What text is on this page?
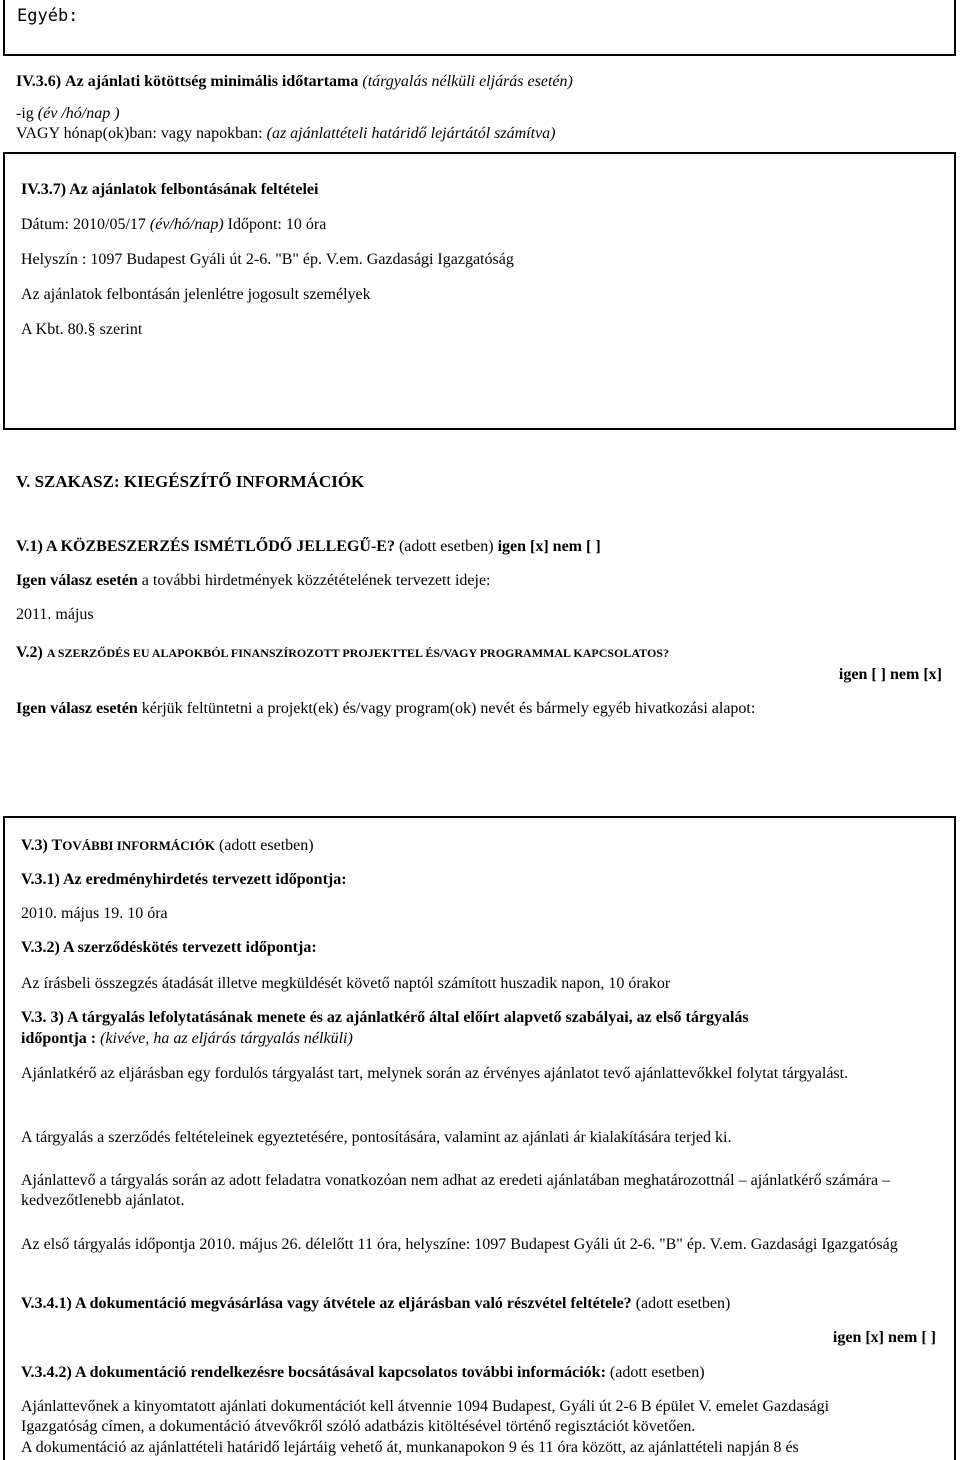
Egyéb:
IV.3.6) Az ajánlati kötöttség minimális időtartama (tárgyalás nélküli eljárás esetén)
-ig (év /hó/nap )
VAGY hónap(ok)ban: vagy napokban: (az ajánlattételi határidő lejártától számítva)
IV.3.7) Az ajánlatok felbontásának feltételei
Dátum: 2010/05/17 (év/hó/nap) Időpont: 10 óra
Helyszín : 1097 Budapest Gyáli út 2-6. "B" ép. V.em. Gazdasági Igazgatóság
Az ajánlatok felbontásán jelenlétre jogosult személyek
A Kbt. 80.§ szerint
V. SZAKASZ: KIEGÉSZÍTŐ INFORMÁCIÓK
V.1) A KÖZBESZERZÉS ISMÉTLŐDŐ JELLEGŰ-E? (adott esetben) igen [x] nem [ ]
Igen válasz esetén a további hirdetmények közzétételének tervezett ideje:
2011. május
V.2) A SZERZŐDÉS EU ALAPOKBÓL FINANSZÍROZOTT PROJEKTTEL ÉS/VAGY PROGRAMMAL KAPCSOLATOS?
igen [ ] nem [x]
Igen válasz esetén kérjük feltüntetni a projekt(ek) és/vagy program(ok) nevét és bármely egyéb hivatkozási alapot:
V.3) TOVÁBBI INFORMÁCIÓK (adott esetben)
V.3.1) Az eredményhirdetés tervezett időpontja:
2010. május 19. 10 óra
V.3.2) A szerződéskötés tervezett időpontja:
Az írásbeli összegzés átadását illetve megküldését követő naptól számított huszadik napon, 10 órakor
V.3. 3) A tárgyalás lefolytatásának menete és az ajánlatkérő által előírt alapvető szabályai, az első tárgyalás
időpontja : (kivéve, ha az eljárás tárgyalás nélküli)
Ajánlatkérő az eljárásban egy fordulós tárgyalást tart, melynek során az érvényes ajánlatot tevő ajánlattevőkkel folytat tárgyalást.
A tárgyalás a szerződés feltételeinek egyeztetésére, pontosítására, valamint az ajánlati ár kialakítására terjed ki.
Ajánlattevő a tárgyalás során az adott feladatra vonatkozóan nem adhat az eredeti ajánlatában meghatározottnál – ajánlatkérő számára – kedvezőtlenebb ajánlatot.
Az első tárgyalás időpontja 2010. május 26. délelőtt 11 óra, helyszíne: 1097 Budapest Gyáli út 2-6. "B" ép. V.em. Gazdasági Igazgatóság
V.3.4.1) A dokumentáció megvásárlása vagy átvétele az eljárásban való részvétel feltétele? (adott esetben)
igen [x] nem [ ]
V.3.4.2) A dokumentáció rendelkezésre bocsátásával kapcsolatos további információk: (adott esetben)
Ajánlattevőnek a kinyomtatott ajánlati dokumentációt kell átvennie 1094 Budapest, Gyáli út 2-6 B épület V. emelet Gazdasági Igazgatóság címen, a dokumentáció átvevőkről szóló adatbázis kitöltésével történő regisztációt követően.
A dokumentáció az ajánlattételi határidő lejártáig vehető át, munkanapokon 9 és 11 óra között, az ajánlattételi napján 8 és
